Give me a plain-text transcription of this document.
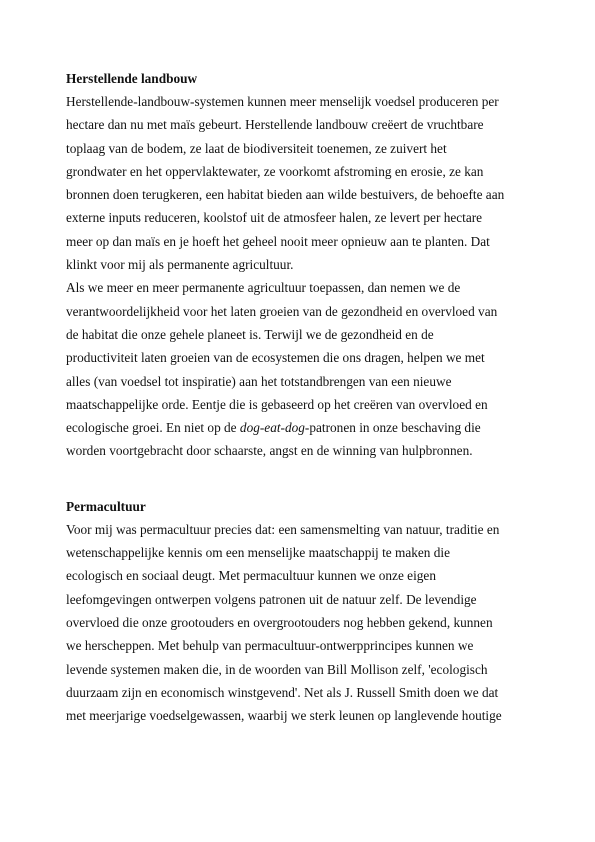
Herstellende landbouw
Herstellende-landbouw-systemen kunnen meer menselijk voedsel produceren per
hectare dan nu met maïs gebeurt. Herstellende landbouw creëert de vruchtbare
toplaag van de bodem, ze laat de biodiversiteit toenemen, ze zuivert het
grondwater en het oppervlaktewater, ze voorkomt afstroming en erosie, ze kan
bronnen doen terugkeren, een habitat bieden aan wilde bestuivers, de behoefte aan
externe inputs reduceren, koolstof uit de atmosfeer halen, ze levert per hectare
meer op dan maïs en je hoeft het geheel nooit meer opnieuw aan te planten. Dat
klinkt voor mij als permanente agricultuur.
Als we meer en meer permanente agricultuur toepassen, dan nemen we de
verantwoordelijkheid voor het laten groeien van de gezondheid en overvloed van
de habitat die onze gehele planeet is. Terwijl we de gezondheid en de
productiviteit laten groeien van de ecosystemen die ons dragen, helpen we met
alles (van voedsel tot inspiratie) aan het totstandbrengen van een nieuwe
maatschappelijke orde. Eentje die is gebaseerd op het creëren van overvloed en
ecologische groei. En niet op de dog-eat-dog-patronen in onze beschaving die
worden voortgebracht door schaarste, angst en de winning van hulpbronnen.
Permacultuur
Voor mij was permacultuur precies dat: een samensmelting van natuur, traditie en
wetenschappelijke kennis om een menselijke maatschappij te maken die
ecologisch en sociaal deugt. Met permacultuur kunnen we onze eigen
leefomgevingen ontwerpen volgens patronen uit de natuur zelf. De levendige
overvloed die onze grootouders en overgrootouders nog hebben gekend, kunnen
we herscheppen. Met behulp van permacultuur-ontwerpprincipes kunnen we
levende systemen maken die, in de woorden van Bill Mollison zelf, 'ecologisch
duurzaam zijn en economisch winstgevend'. Net als J. Russell Smith doen we dat
met meerjarige voedselgewassen, waarbij we sterk leunen op langlevende houtige
